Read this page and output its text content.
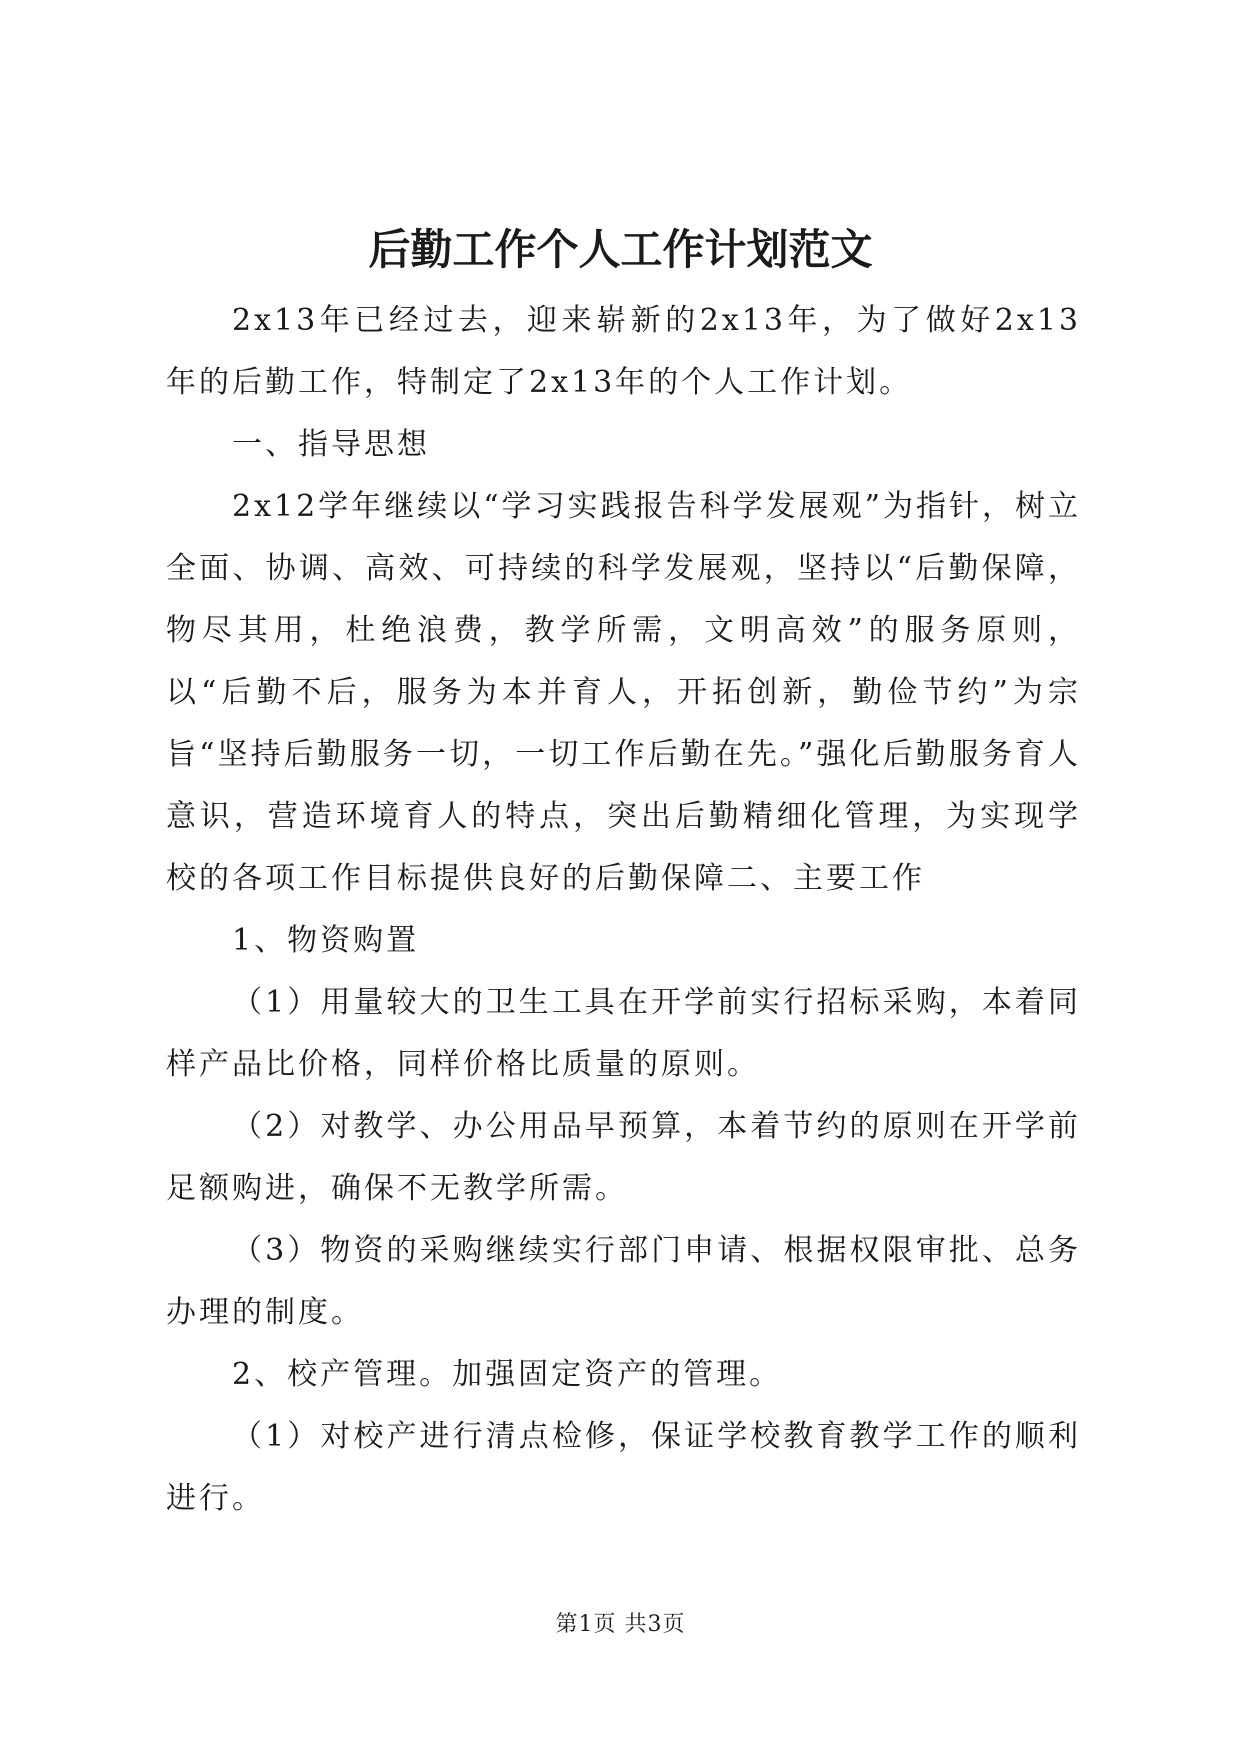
后勤工作个人工作计划范文

2x13年已经过去，迎来崭新的2x13年，为了做好2x13年的后勤工作，特制定了2x13年的个人工作计划。

一、指导思想

2x12学年继续以“学习实践报告科学发展观”为指针，树立全面、协调、高效、可持续的科学发展观，坚持以“后勤保障，物尽其用，杜绝浪费，教学所需，文明高效”的服务原则，以“后勤不后，服务为本并育人，开拓创新，勤俭节约”为宗旨“坚持后勤服务一切，一切工作后勤在先。”强化后勤服务育人意识，营造环境育人的特点，突出后勤精细化管理，为实现学校的各项工作目标提供良好的后勤保障二、主要工作

1、物资购置

（1）用量较大的卫生工具在开学前实行招标采购，本着同样产品比价格，同样价格比质量的原则。

（2）对教学、办公用品早预算，本着节约的原则在开学前足额购进，确保不无教学所需。

（3）物资的采购继续实行部门申请、根据权限审批、总务办理的制度。

2、校产管理。加强固定资产的管理。

（1）对校产进行清点检修，保证学校教育教学工作的顺利进行。

第1页 共3页
